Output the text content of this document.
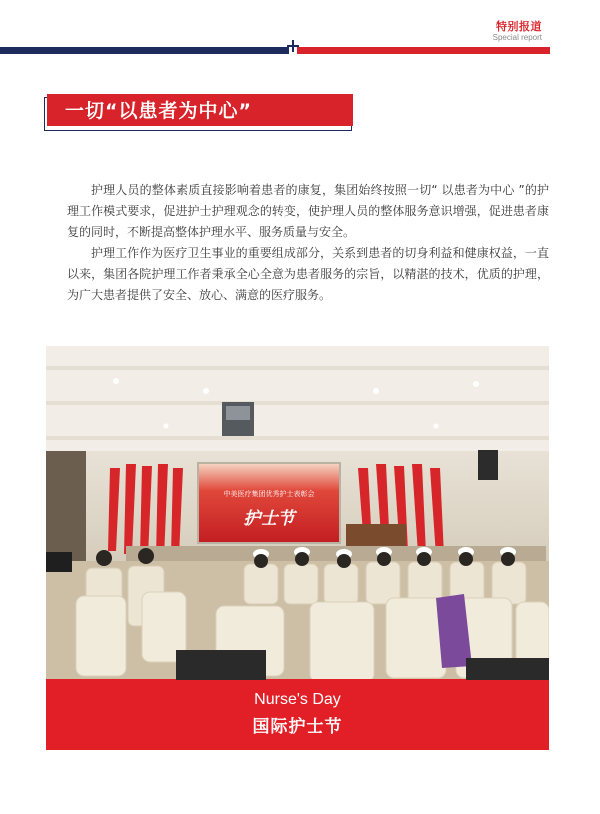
特别报道
Special report
一切“以患者为中心”

护理人员的整体素质直接影响着患者的康复，集团始终按照一切“ 以患者为中心 ”的护理工作模式要求，促进护士护理观念的转变，使护理人员的整体服务意识增强，促进患者康复的同时，不断提高整体护理水平、服务质量与安全。

护理工作作为医疗卫生事业的重要组成部分，关系到患者的切身利益和健康权益，一直以来，集团各院护理工作者秉承全心全意为患者服务的宗旨，以精湛的技术，优质的护理，为广大患者提供了安全、放心、满意的医疗服务。

中美医疗集团优秀护士表彰会
护士节
Nurse's Day
国际护士节
